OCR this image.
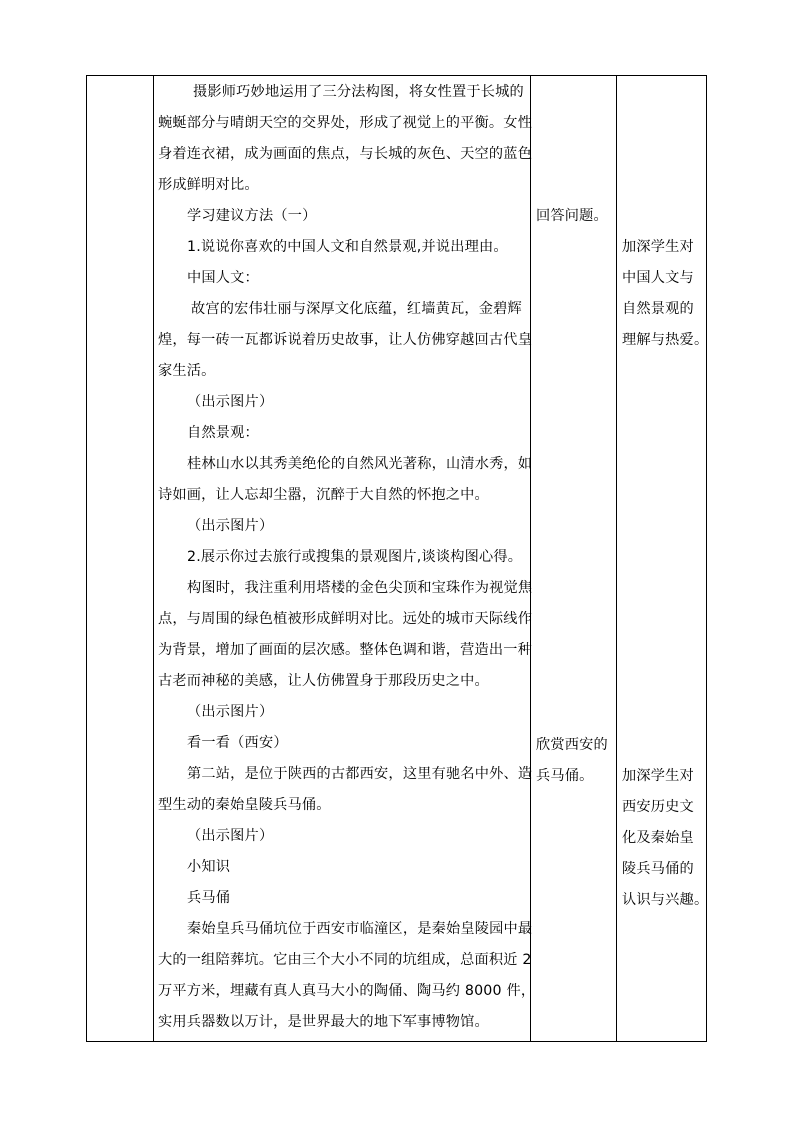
摄影师巧妙地运用了三分法构图，将女性置于长城的
蜿蜒部分与晴朗天空的交界处，形成了视觉上的平衡。女性
身着连衣裙，成为画面的焦点，与长城的灰色、天空的蓝色
形成鲜明对比。
学习建议方法（一）
1.说说你喜欢的中国人文和自然景观,并说出理由。
中国人文：
故宫的宏伟壮丽与深厚文化底蕴，红墙黄瓦，金碧辉
煌，每一砖一瓦都诉说着历史故事，让人仿佛穿越回古代皇
家生活。
（出示图片）
自然景观：
桂林山水以其秀美绝伦的自然风光著称，山清水秀，如
诗如画，让人忘却尘嚣，沉醉于大自然的怀抱之中。
（出示图片）
2.展示你过去旅行或搜集的景观图片,谈谈构图心得。
构图时，我注重利用塔楼的金色尖顶和宝珠作为视觉焦
点，与周围的绿色植被形成鲜明对比。远处的城市天际线作
为背景，增加了画面的层次感。整体色调和谐，营造出一种
古老而神秘的美感，让人仿佛置身于那段历史之中。
（出示图片）
看一看（西安）
第二站，是位于陕西的古都西安，这里有驰名中外、造
型生动的秦始皇陵兵马俑。
（出示图片）
小知识
兵马俑
秦始皇兵马俑坑位于西安市临潼区，是秦始皇陵园中最
大的一组陪葬坑。它由三个大小不同的坑组成，总面积近 2
万平方米，埋藏有真人真马大小的陶俑、陶马约 8000 件，
实用兵器数以万计，是世界最大的地下军事博物馆。
回答问题。
欣赏西安的
兵马俑。
加深学生对
中国人文与
自然景观的
理解与热爱。
加深学生对
西安历史文
化及秦始皇
陵兵马俑的
认识与兴趣。
